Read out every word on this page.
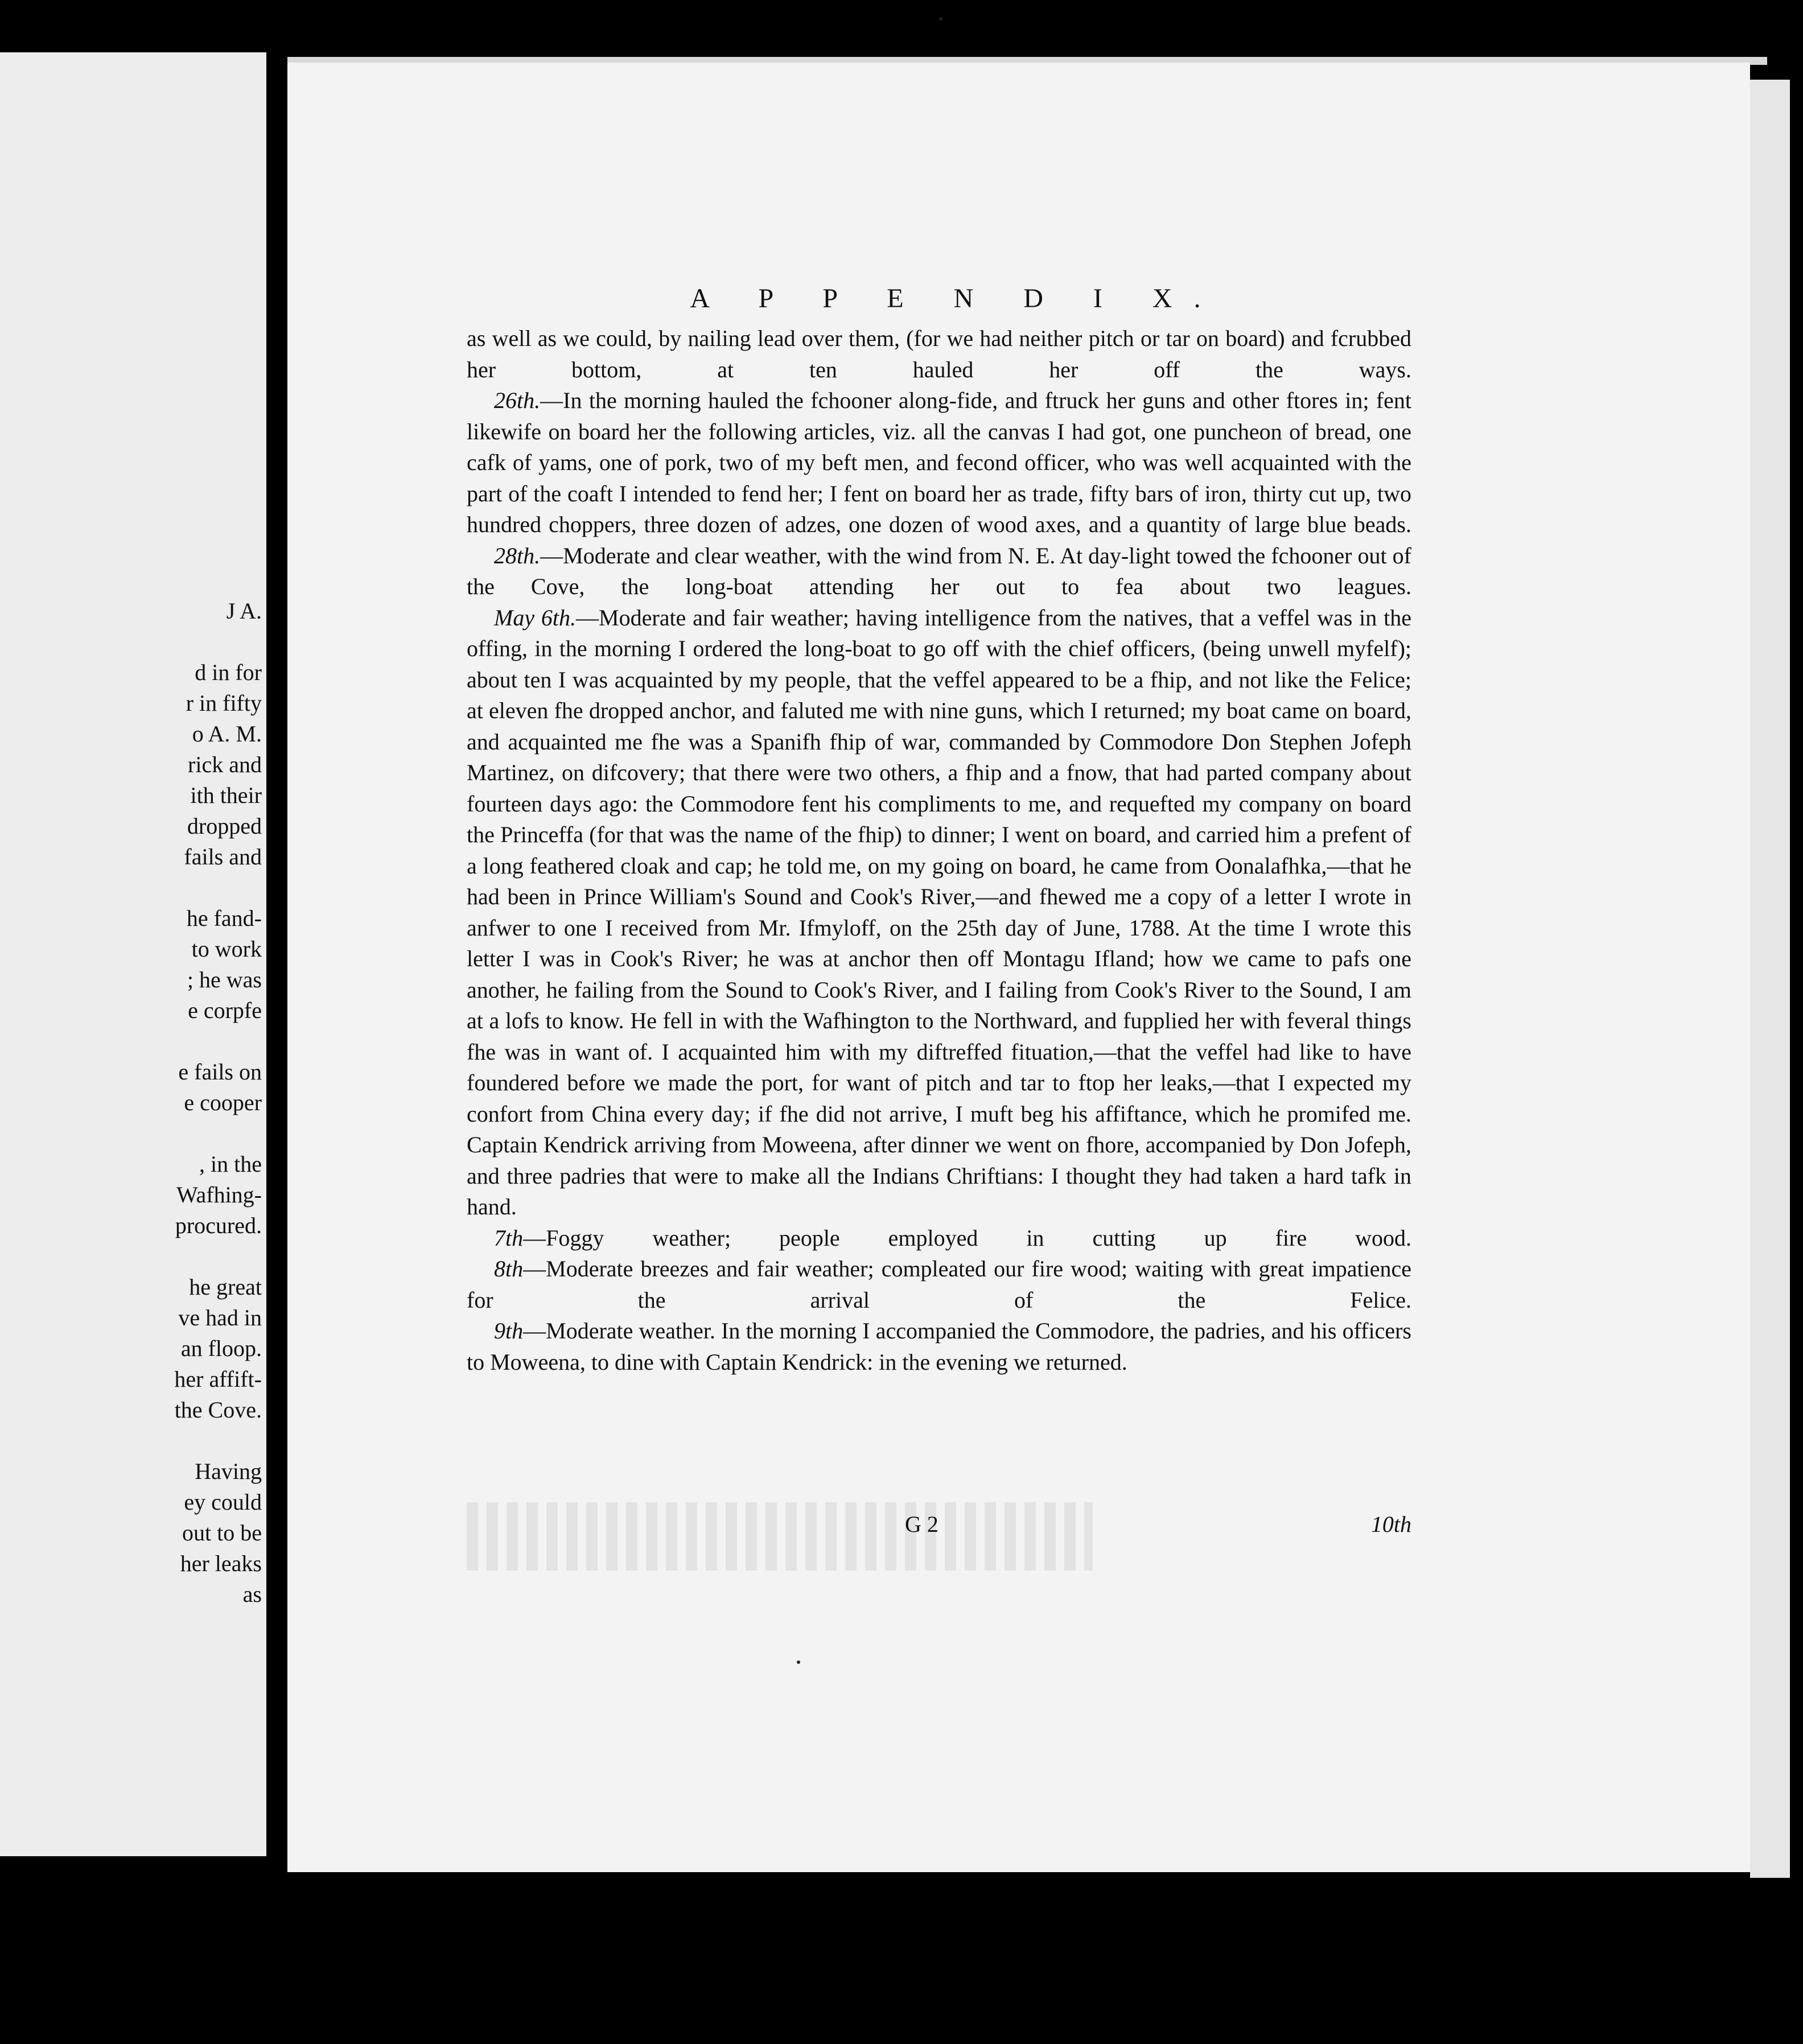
J A.
d in for
r in fifty
o A. M.
rick and
ith their
dropped
fails and
he fand-
to work
; he was
e corpfe
e fails on
e cooper
, in the
Wafhing-
procured.
he great
ve had in
an floop.
her affift-
the Cove.
Having
ey could
out to be
her leaks
as
A P P E N D I X.

as well as we could, by nailing lead over them, (for we had neither pitch or tar on board) and fcrubbed her bottom, at ten hauled her off the ways.

26th.—In the morning hauled the fchooner along-fide, and ftruck her guns and other ftores in; fent likewife on board her the following articles, viz. all the canvas I had got, one puncheon of bread, one cafk of yams, one of pork, two of my beft men, and fecond officer, who was well acquainted with the part of the coaft I intended to fend her; I fent on board her as trade, fifty bars of iron, thirty cut up, two hundred choppers, three dozen of adzes, one dozen of wood axes, and a quantity of large blue beads.

28th.—Moderate and clear weather, with the wind from N. E. At day-light towed the fchooner out of the Cove, the long-boat attending her out to fea about two leagues.

May 6th.—Moderate and fair weather; having intelligence from the natives, that a veffel was in the offing, in the morning I ordered the long-boat to go off with the chief officers, (being unwell myfelf); about ten I was acquainted by my people, that the veffel appeared to be a fhip, and not like the Felice; at eleven fhe dropped anchor, and faluted me with nine guns, which I returned; my boat came on board, and acquainted me fhe was a Spanifh fhip of war, commanded by Commodore Don Stephen Jofeph Martinez, on difcovery; that there were two others, a fhip and a fnow, that had parted company about fourteen days ago: the Commodore fent his compliments to me, and requefted my company on board the Princeffa (for that was the name of the fhip) to dinner; I went on board, and carried him a prefent of a long feathered cloak and cap; he told me, on my going on board, he came from Oonalafhka,—that he had been in Prince William's Sound and Cook's River,—and fhewed me a copy of a letter I wrote in anfwer to one I received from Mr. Ifmyloff, on the 25th day of June, 1788. At the time I wrote this letter I was in Cook's River; he was at anchor then off Montagu Ifland; how we came to pafs one another, he failing from the Sound to Cook's River, and I failing from Cook's River to the Sound, I am at a lofs to know. He fell in with the Wafhington to the Northward, and fupplied her with feveral things fhe was in want of. I acquainted him with my diftreffed fituation,—that the veffel had like to have foundered before we made the port, for want of pitch and tar to ftop her leaks,—that I expected my confort from China every day; if fhe did not arrive, I muft beg his affiftance, which he promifed me. Captain Kendrick arriving from Moweena, after dinner we went on fhore, accompanied by Don Jofeph, and three padries that were to make all the Indians Chriftians: I thought they had taken a hard tafk in hand.

7th—Foggy weather; people employed in cutting up fire wood.

8th—Moderate breezes and fair weather; compleated our fire wood; waiting with great impatience for the arrival of the Felice.

9th—Moderate weather. In the morning I accompanied the Commodore, the padries, and his officers to Moweena, to dine with Captain Kendrick: in the evening we returned.

G 2	10th
